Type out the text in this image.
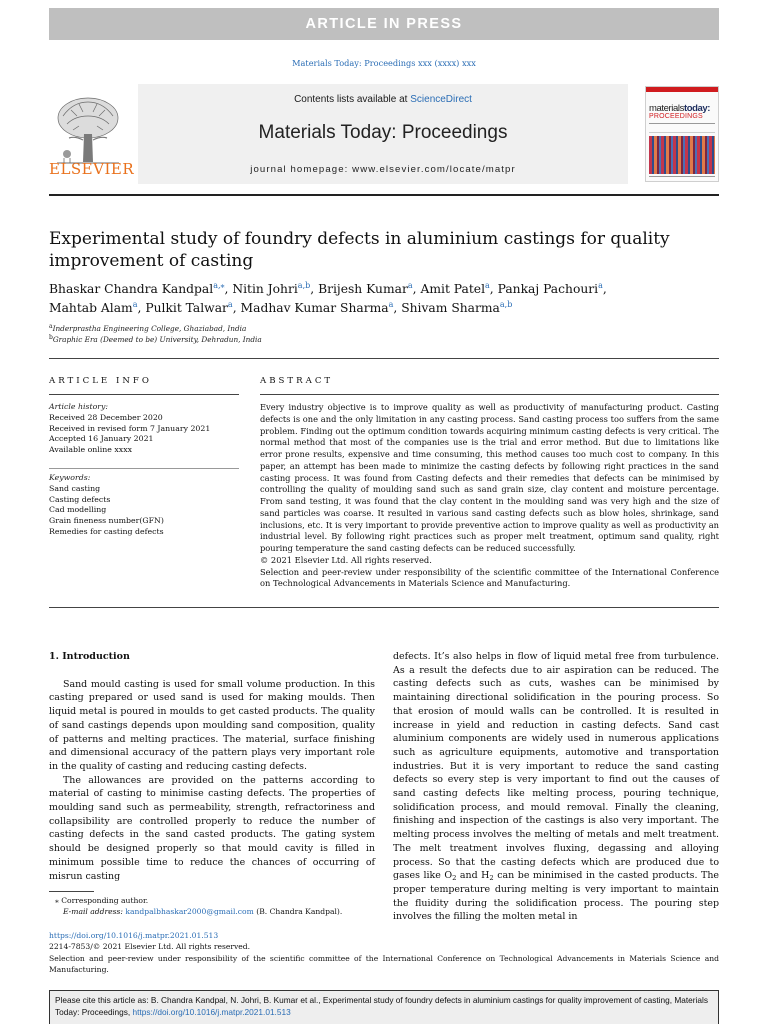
ARTICLE IN PRESS
Materials Today: Proceedings xxx (xxxx) xxx
ELSEVIER
Contents lists available at ScienceDirect
Materials Today: Proceedings
journal homepage: www.elsevier.com/locate/matpr
materialstoday:
PROCEEDINGS
Experimental study of foundry defects in aluminium castings for quality improvement of casting
Bhaskar Chandra Kandpal$^{a,⁎}$, Nitin Johri$^{a,b}$, Brijesh Kumar$^a$, Amit Patel$^a$, Pankaj Pachouri$^a$,
Mahtab Alam$^a$, Pulkit Talwar$^a$, Madhav Kumar Sharma$^a$, Shivam Sharma$^{a,b}$
$^a$Inderprastha Engineering College, Ghaziabad, India
$^b$Graphic Era (Deemed to be) University, Dehradun, India
ARTICLE INFO	ABSTRACT
Article history:
Received 28 December 2020
Received in revised form 7 January 2021
Accepted 16 January 2021
Available online xxxx
Keywords:
Sand casting
Casting defects
Cad modelling
Grain fineness number(GFN)
Remedies for casting defects

Every industry objective is to improve quality as well as productivity of manufacturing product. Casting defects is one and the only limitation in any casting process. Sand casting process too suffers from the same problem. Finding out the optimum condition towards acquiring minimum casting defects is very critical. The normal method that most of the companies use is the trial and error method. But due to limitations like error prone results, expensive and time consuming, this method causes too much cost to company. In this paper, an attempt has been made to minimize the casting defects by following right practices in the sand casting process. It was found from Casting defects and their remedies that defects can be minimised by controlling the quality of moulding sand such as sand grain size, clay content and moisture percentage. From sand testing, it was found that the clay content in the moulding sand was very high and the size of sand particles was coarse. It resulted in various sand casting defects such as blow holes, shrinkage, sand inclusions, etc. It is very important to provide preventive action to improve quality as well as productivity an industrial level. By following right practices such as proper melt treatment, optimum sand quality, right pouring temperature the sand casting defects can be reduced successfully.

© 2021 Elsevier Ltd. All rights reserved.

Selection and peer-review under responsibility of the scientific committee of the International Conference on Technological Advancements in Materials Science and Manufacturing.

1. Introduction

Sand mould casting is used for small volume production. In this casting prepared or used sand is used for making moulds. Then liquid metal is poured in moulds to get casted products. The quality of sand castings depends upon moulding sand composition, quality of patterns and melting practices. The material, surface finishing and dimensional accuracy of the pattern plays very important role in the quality of casting and reducing casting defects.

The allowances are provided on the patterns according to material of casting to minimise casting defects. The properties of moulding sand such as permeability, strength, refractoriness and collapsibility are controlled properly to reduce the number of casting defects in the sand casted products. The gating system should be designed properly so that mould cavity is filled in minimum possible time to reduce the chances of occurring of misrun casting

defects. It’s also helps in flow of liquid metal free from turbulence. As a result the defects due to air aspiration can be reduced. The casting defects such as cuts, washes can be minimised by maintaining directional solidification in the pouring process. So that erosion of mould walls can be controlled. It is resulted in increase in yield and reduction in casting defects. Sand cast aluminium components are widely used in numerous applications such as agriculture equipments, automotive and transportation industries. But it is very important to reduce the sand casting defects so every step is very important to find out the causes of sand casting defects like melting process, pouring technique, solidification process, and mould removal. Finally the cleaning, finishing and inspection of the castings is also very important. The melting process involves the melting of metals and melt treatment. The melt treatment involves fluxing, degassing and alloying process. So that the casting defects which are produced due to gases like $O_2$ and $H_2$ can be minimised in the casted products. The proper temperature during melting is very important to maintain the fluidity during the solidification process. The pouring step involves the filling the molten metal in

⁎ Corresponding author.
E-mail address: kandpalbhaskar2000@gmail.com (B. Chandra Kandpal).
https://doi.org/10.1016/j.matpr.2021.01.513
2214-7853/© 2021 Elsevier Ltd. All rights reserved.
Selection and peer-review under responsibility of the scientific committee of the International Conference on Technological Advancements in Materials Science and Manufacturing.
Please cite this article as: B. Chandra Kandpal, N. Johri, B. Kumar et al., Experimental study of foundry defects in aluminium castings for quality improvement of casting, Materials Today: Proceedings, https://doi.org/10.1016/j.matpr.2021.01.513
